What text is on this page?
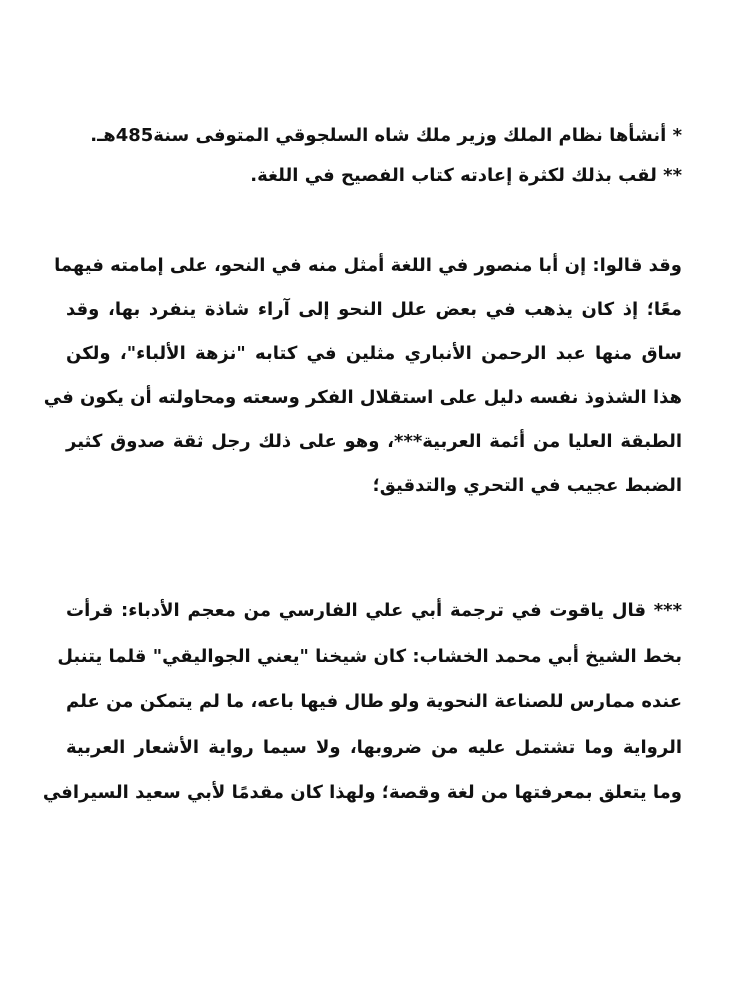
* أنشأها نظام الملك وزير ملك شاه السلجوقي المتوفى سنة485هـ.

** لقب بذلك لكثرة إعادته كتاب الفصيح في اللغة.

وقد قالوا: إن أبا منصور في اللغة أمثل منه في النحو، على إمامته فيهما
معًا؛ إذ كان يذهب في بعض علل النحو إلى آراء شاذة ينفرد بها، وقد
ساق منها عبد الرحمن الأنباري مثلين في كتابه "نزهة الألباء"، ولكن
هذا الشذوذ نفسه دليل على استقلال الفكر وسعته ومحاولته أن يكون في
الطبقة العليا من أئمة العربية***، وهو على ذلك رجل ثقة صدوق كثير
الضبط عجيب في التحري والتدقيق؛
*** قال ياقوت في ترجمة أبي علي الفارسي من معجم الأدباء: قرأت
بخط الشيخ أبي محمد الخشاب: كان شيخنا "يعني الجواليقي" قلما يتنبل
عنده ممارس للصناعة النحوية ولو طال فيها باعه، ما لم يتمكن من علم
الرواية وما تشتمل عليه من ضروبها، ولا سيما رواية الأشعار العربية
وما يتعلق بمعرفتها من لغة وقصة؛ ولهذا كان مقدمًا لأبي سعيد السيرافي
